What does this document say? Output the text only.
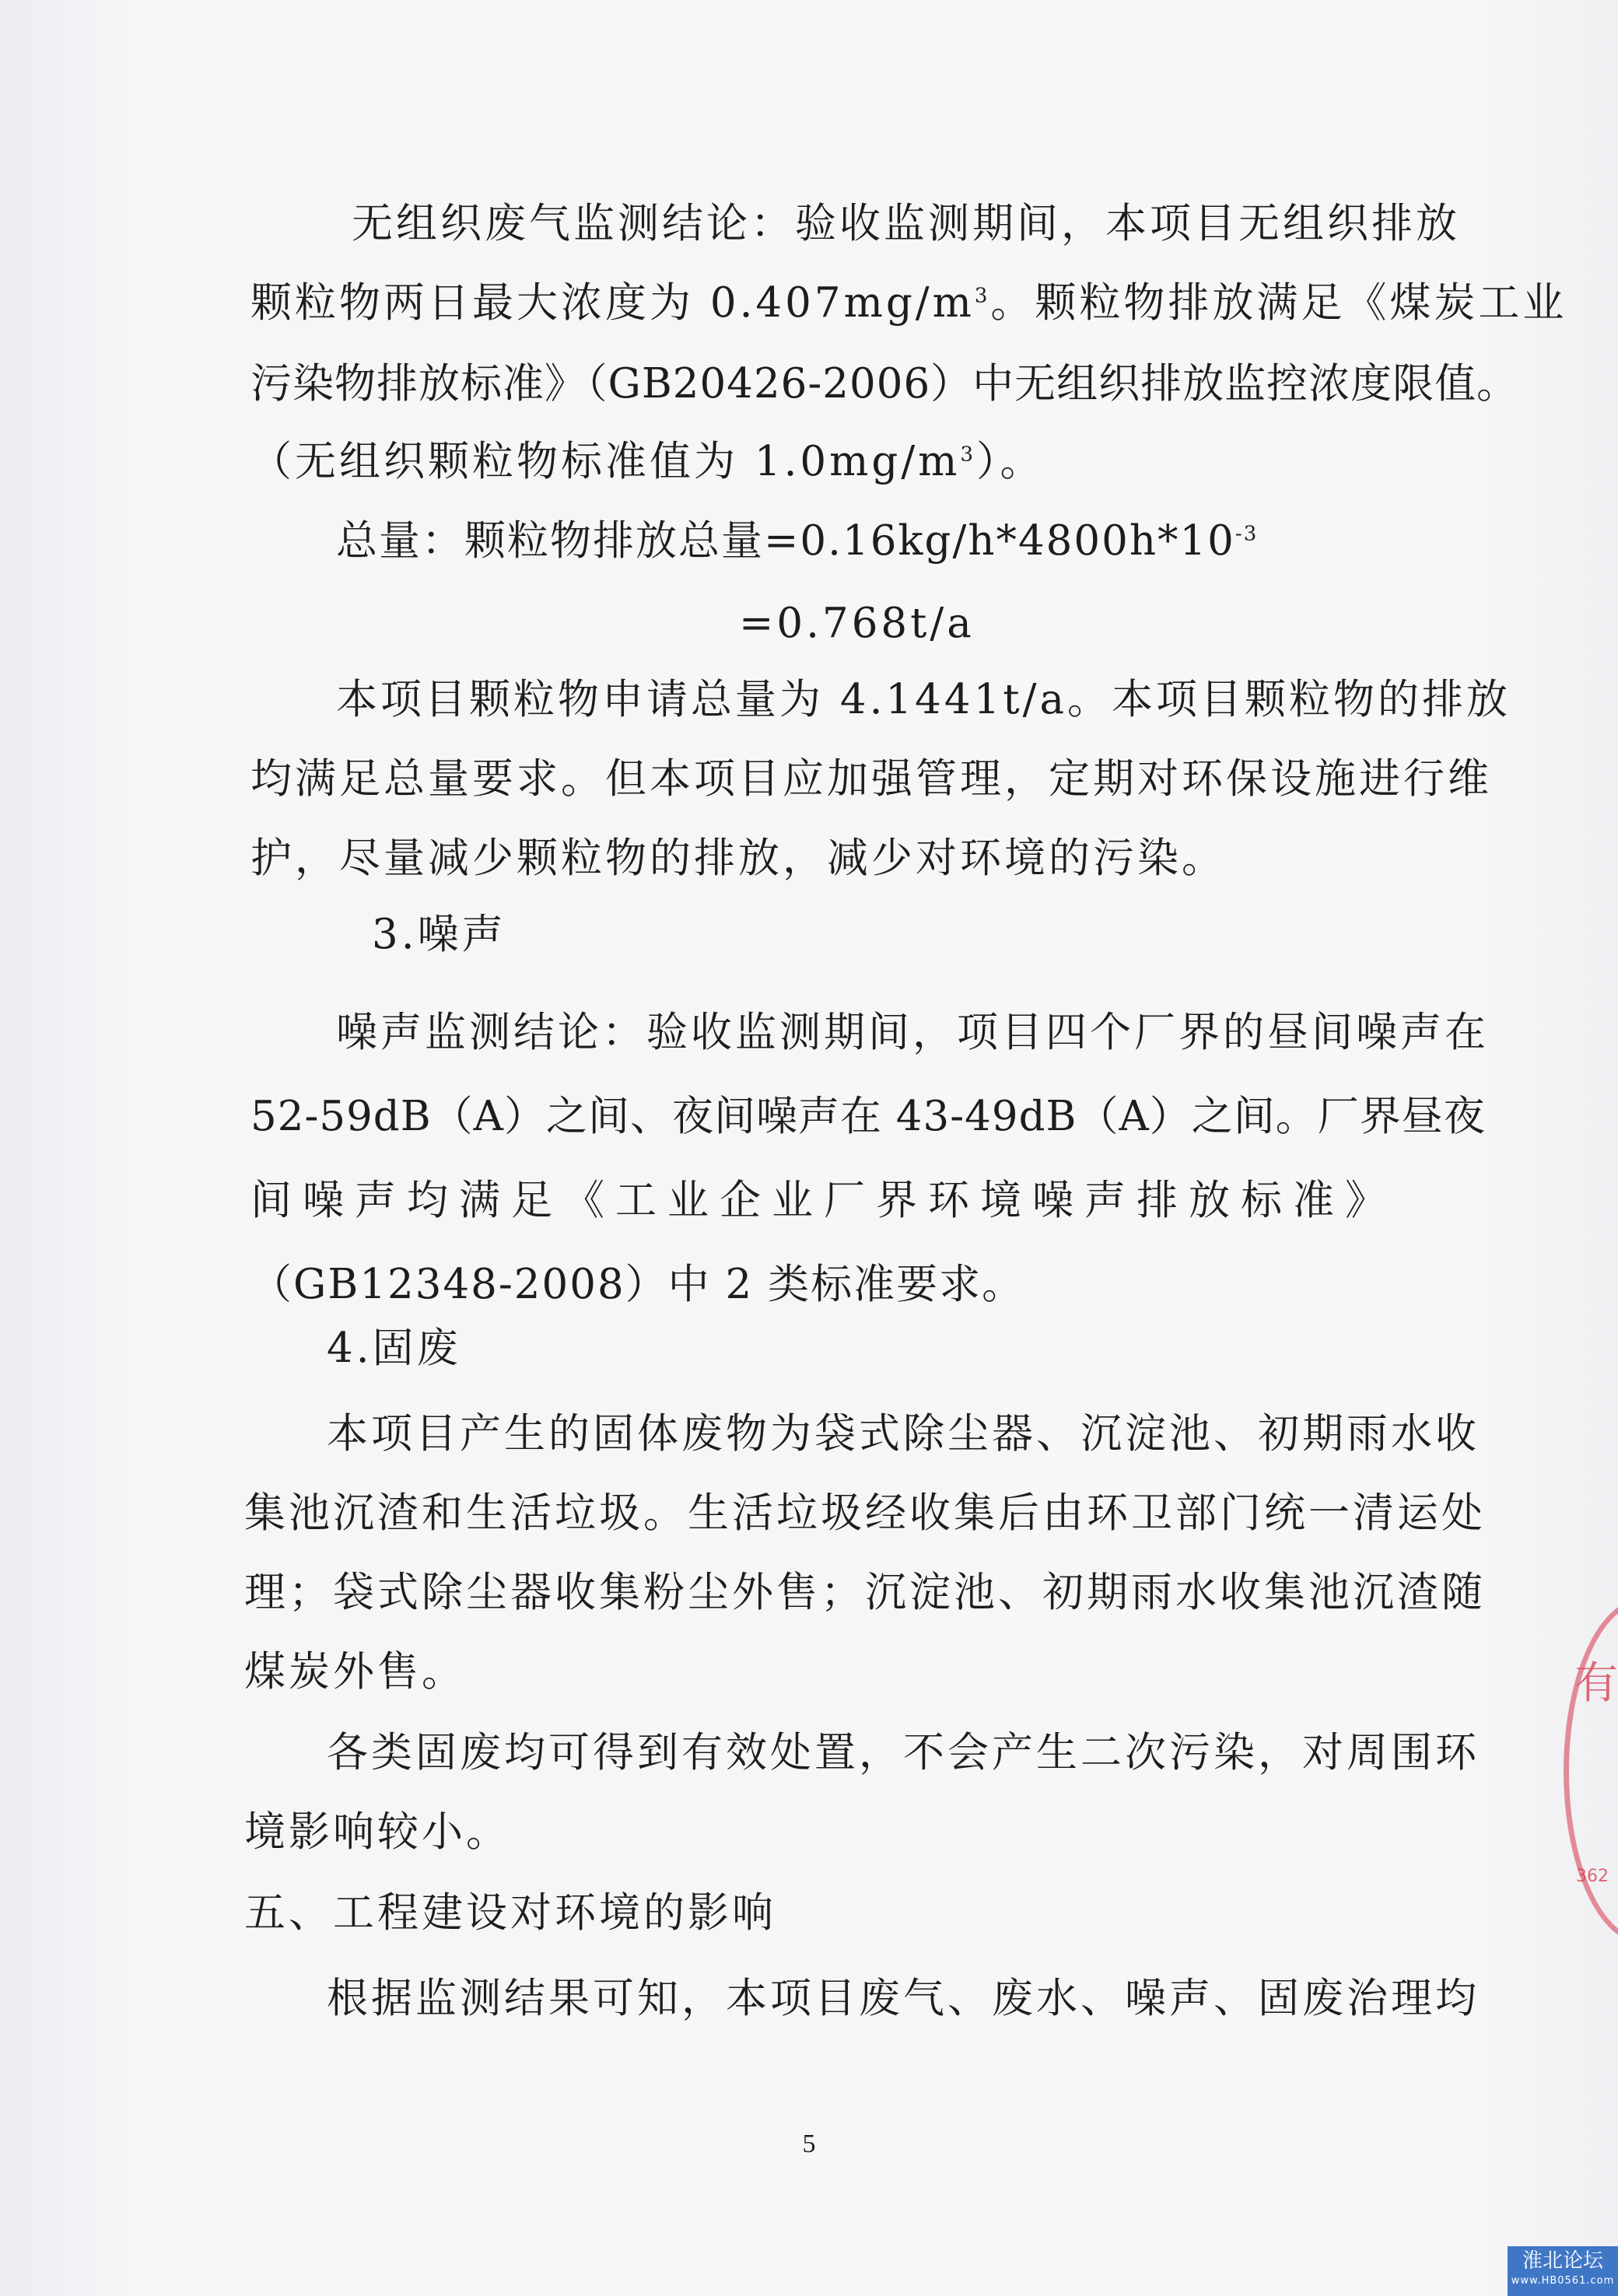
无组织废气监测结论：验收监测期间，本项目无组织排放
颗粒物两日最大浓度为 $0.407mg/m^3$。颗粒物排放满足《煤炭工业
污染物排放标准》（GB20426-2006）中无组织排放监控浓度限值。
（无组织颗粒物标准值为 $1.0mg/m^3$）。
总量：颗粒物排放总量$=0.16kg/h*4800h*10^{-3}$
=0.768t/a
本项目颗粒物申请总量为 4.1441t/a。本项目颗粒物的排放
均满足总量要求。但本项目应加强管理，定期对环保设施进行维
护，尽量减少颗粒物的排放，减少对环境的污染。
3.噪声
噪声监测结论：验收监测期间，项目四个厂界的昼间噪声在
52-59dB（A）之间、夜间噪声在 43-49dB（A）之间。厂界昼夜
间 噪 声 均 满 足 《 工 业 企 业 厂 界 环 境 噪 声 排 放 标 准 》
（GB12348-2008）中 2 类标准要求。
4.固废
本项目产生的固体废物为袋式除尘器、沉淀池、初期雨水收
集池沉渣和生活垃圾。生活垃圾经收集后由环卫部门统一清运处
理；袋式除尘器收集粉尘外售；沉淀池、初期雨水收集池沉渣随
煤炭外售。
各类固废均可得到有效处置，不会产生二次污染，对周围环
境影响较小。
五、工程建设对环境的影响
根据监测结果可知，本项目废气、废水、噪声、固废治理均
5
有
362
淮北论坛
www.HB0561.com
